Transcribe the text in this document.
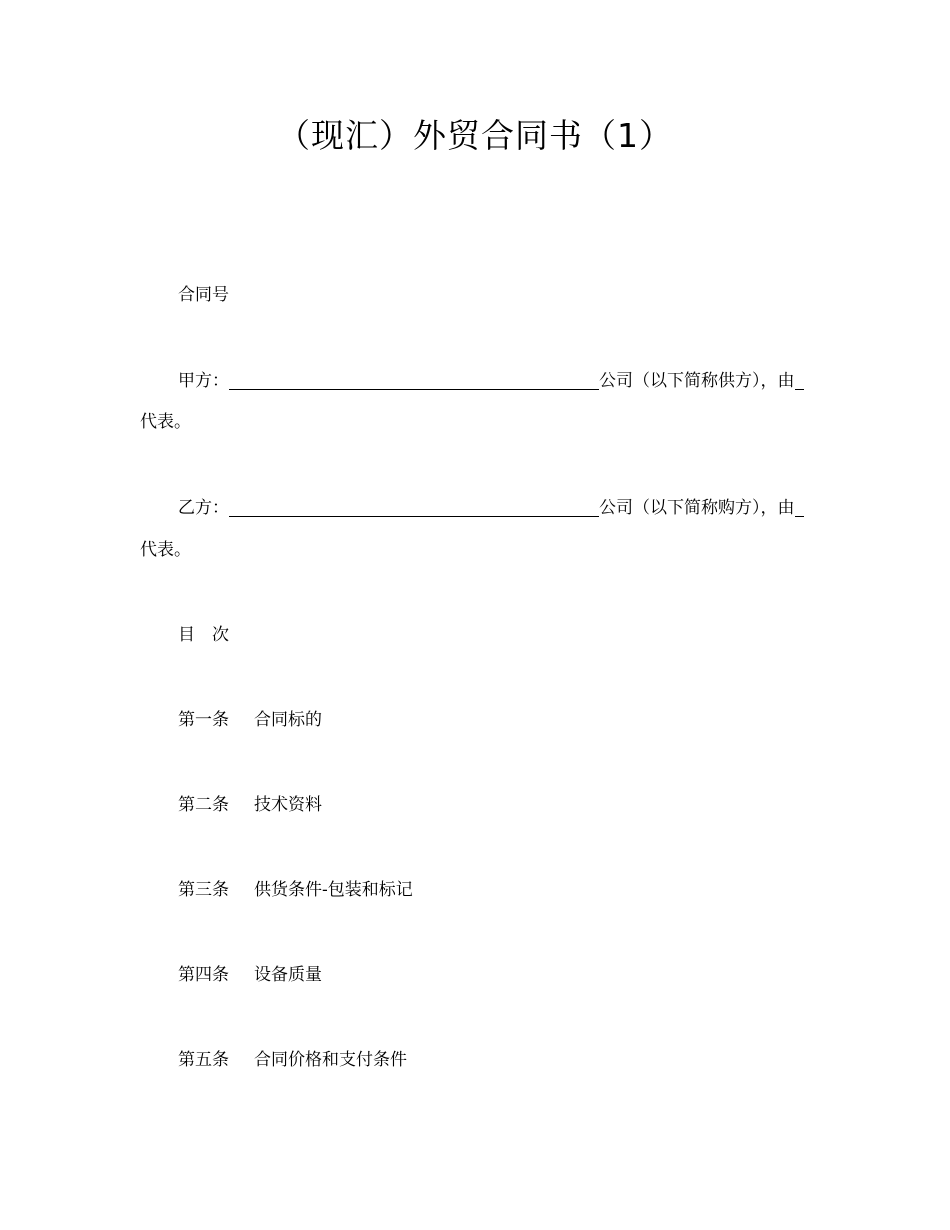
（现汇）外贸合同书（1）
合同号
甲方：	公司（以下简称供方），由
代表。
乙方：	公司（以下简称购方），由
代表。
目 次
第一条 合同标的
第二条 技术资料
第三条 供货条件-包装和标记
第四条 设备质量
第五条 合同价格和支付条件
